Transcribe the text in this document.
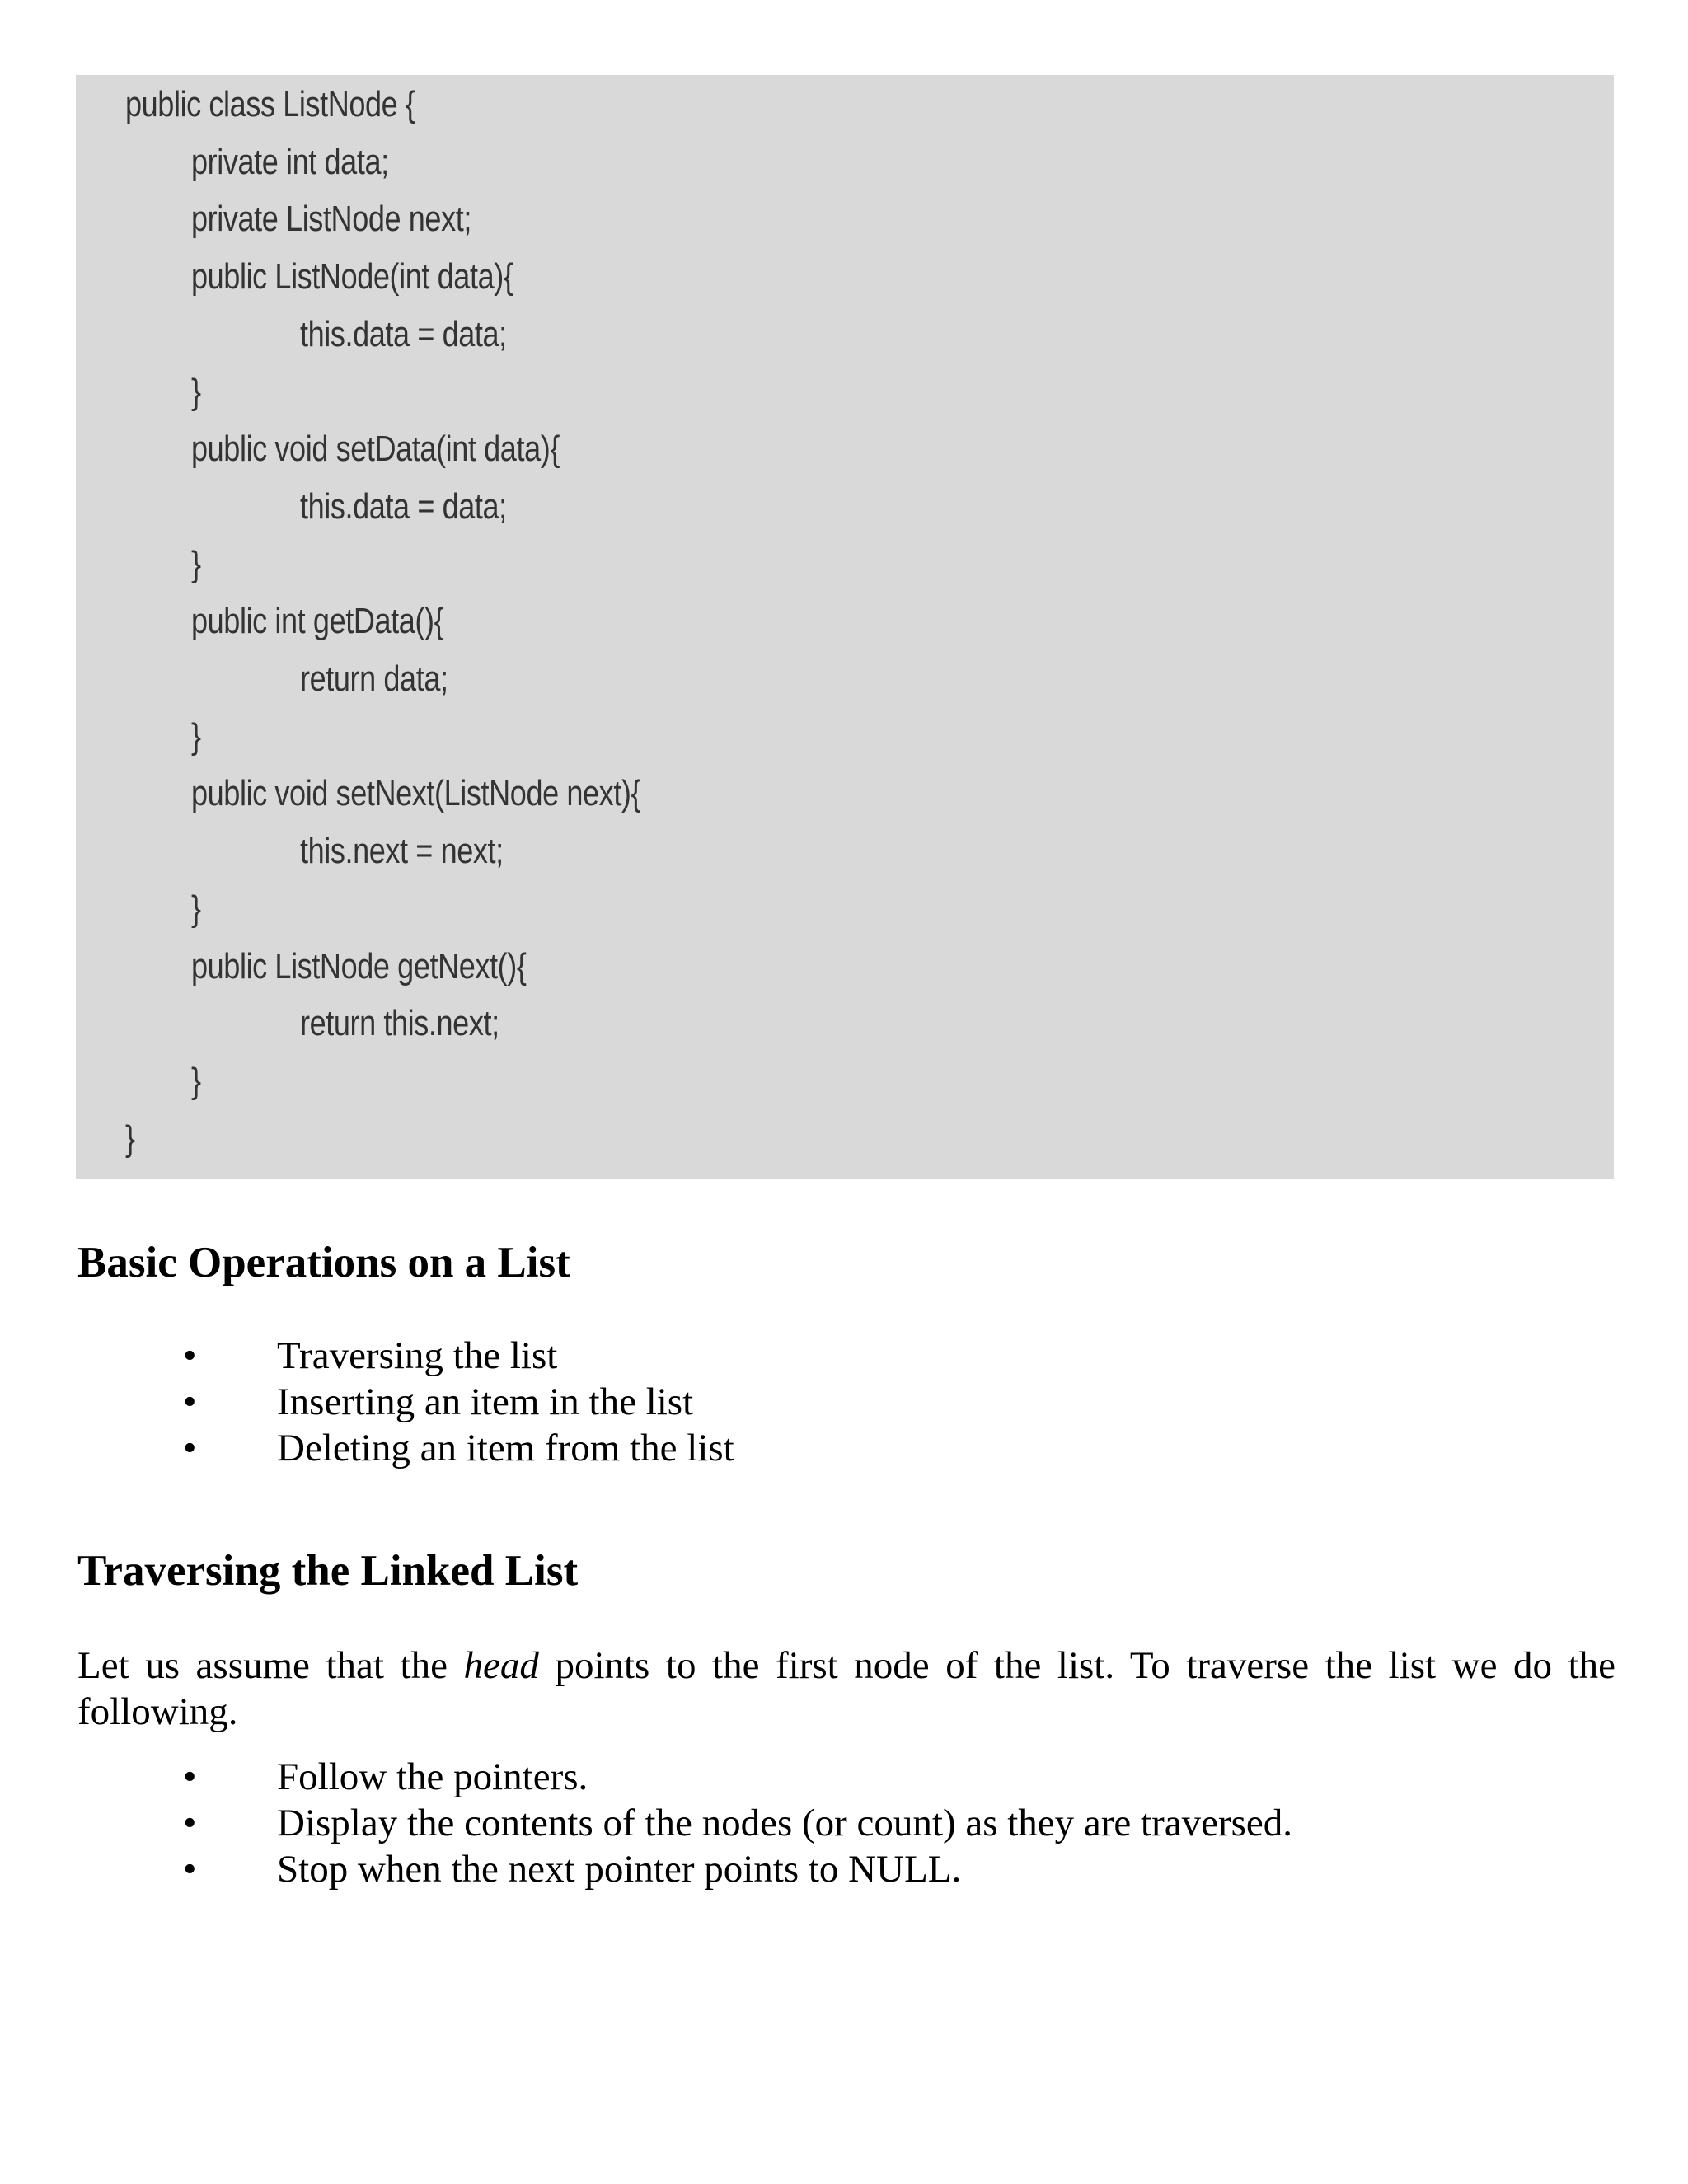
public class ListNode {
private int data;
private ListNode next;
public ListNode(int data){
this.data = data;
}
public void setData(int data){
this.data = data;
}
public int getData(){
return data;
}
public void setNext(ListNode next){
this.next = next;
}
public ListNode getNext(){
return this.next;
}
}
Basic Operations on a List
• Traversing the list
• Inserting an item in the list
• Deleting an item from the list
Traversing the Linked List

Let us assume that the head points to the first node of the list. To traverse the list we do the following.

• Follow the pointers.
• Display the contents of the nodes (or count) as they are traversed.
• Stop when the next pointer points to NULL.
